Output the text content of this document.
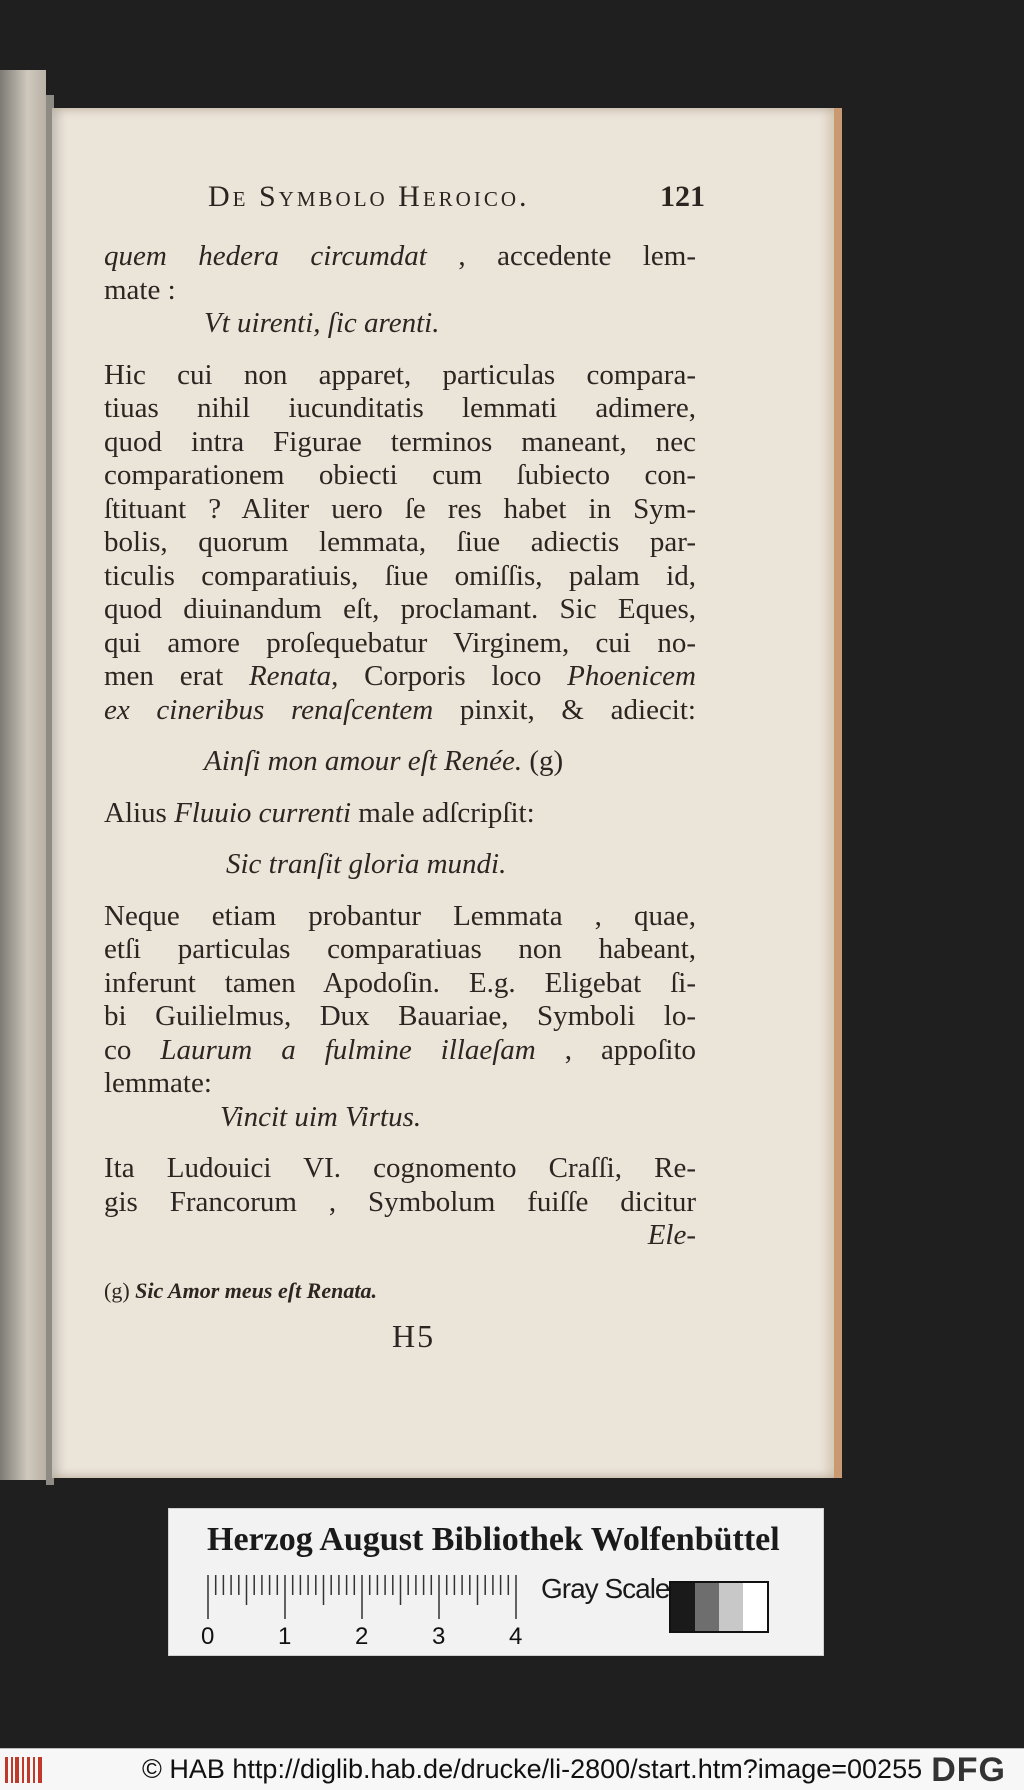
De Symbolo Heroico.	121
quem hedera circumdat , accedente lem-
mate :
Vt uirenti, ſic arenti.
Hic cui non apparet, particulas compara-
tiuas nihil iucunditatis lemmati adimere,
quod intra Figurae terminos maneant, nec
comparationem obiecti cum ſubiecto con-
ſtituant ? Aliter uero ſe res habet in Sym-
bolis, quorum lemmata, ſiue adiectis par-
ticulis comparatiuis, ſiue omiſſis, palam id,
quod diuinandum eſt, proclamant. Sic Eques,
qui amore proſequebatur Virginem, cui no-
men erat Renata, Corporis loco Phoenicem
ex cineribus renaſcentem pinxit, & adiecit:
Ainſi mon amour eſt Renée. (g)
Alius Fluuio currenti male adſcripſit:
Sic tranſit gloria mundi.
Neque etiam probantur Lemmata , quae,
etſi particulas comparatiuas non habeant,
inferunt tamen Apodoſin. E.g. Eligebat ſi-
bi Guilielmus, Dux Bauariae, Symboli lo-
co Laurum a fulmine illaeſam , appoſito
lemmate:
Vincit uim Virtus.
Ita Ludouici VI. cognomento Craſſi, Re-
gis Francorum , Symbolum fuiſſe dicitur
Ele-
(g) Sic Amor meus eſt Renata.
H5
Herzog August Bibliothek Wolfenbüttel
0	1	2	3	4
Gray Scale
© HAB http://diglib.hab.de/drucke/li-2800/start.htm?image=00255 DFG
